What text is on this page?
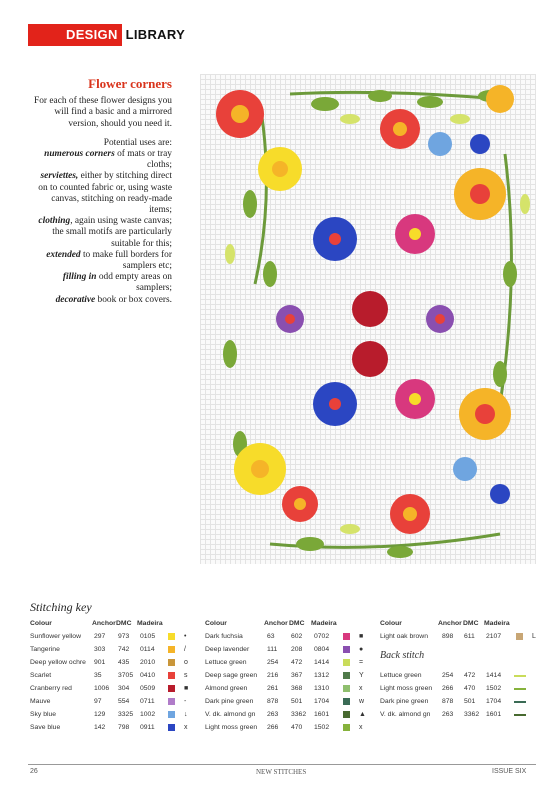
DESIGN LIBRARY
Flower corners

For each of these flower designs you will find a basic and a mirrored version, should you need it.

Potential uses are:
numerous corners of mats or tray cloths;
serviettes, either by stitching direct on to counted fabric or, using waste canvas, stitching on ready-made items;
clothing, again using waste canvas; the small motifs are particularly suitable for this;
extended to make full borders for samplers etc;
filling in odd empty areas on samplers;
decorative book or box covers.
Stitching key
Colour	Anchor DMC Madeira
Sunflower yellow 297 973 0105	•
Tangerine	303 742 0114	/
Deep yellow ochre 901 435 2010	o
Scarlet	35 3705 0410	s
Cranberry red	1006 304 0509	■
Mauve	97 554 0711	-
Sky blue	129 3325 1002	↓
Save blue	142 798 0911	x
Colour	Anchor DMC Madeira
Dark fuchsia	63 602 0702	■
Deep lavender	111 208 0804	●
Lettuce green	254 472 1414	=
Deep sage green 216 367 1312	Y
Almond green	261 368 1310	x
Dark pine green 878 501 1704	w
V. dk. almond gn 263 3362 1601	▲
Light moss green 266 470 1502	x
Colour	Anchor DMC Madeira
Light oak brown 898 611 2107	L
Back stitch
Lettuce green	254 472 1414
Light moss green 266 470 1502
Dark pine green 878 501 1704
V. dk. almond gn 263 3362 1601
26	NEW STITCHES	ISSUE SIX
